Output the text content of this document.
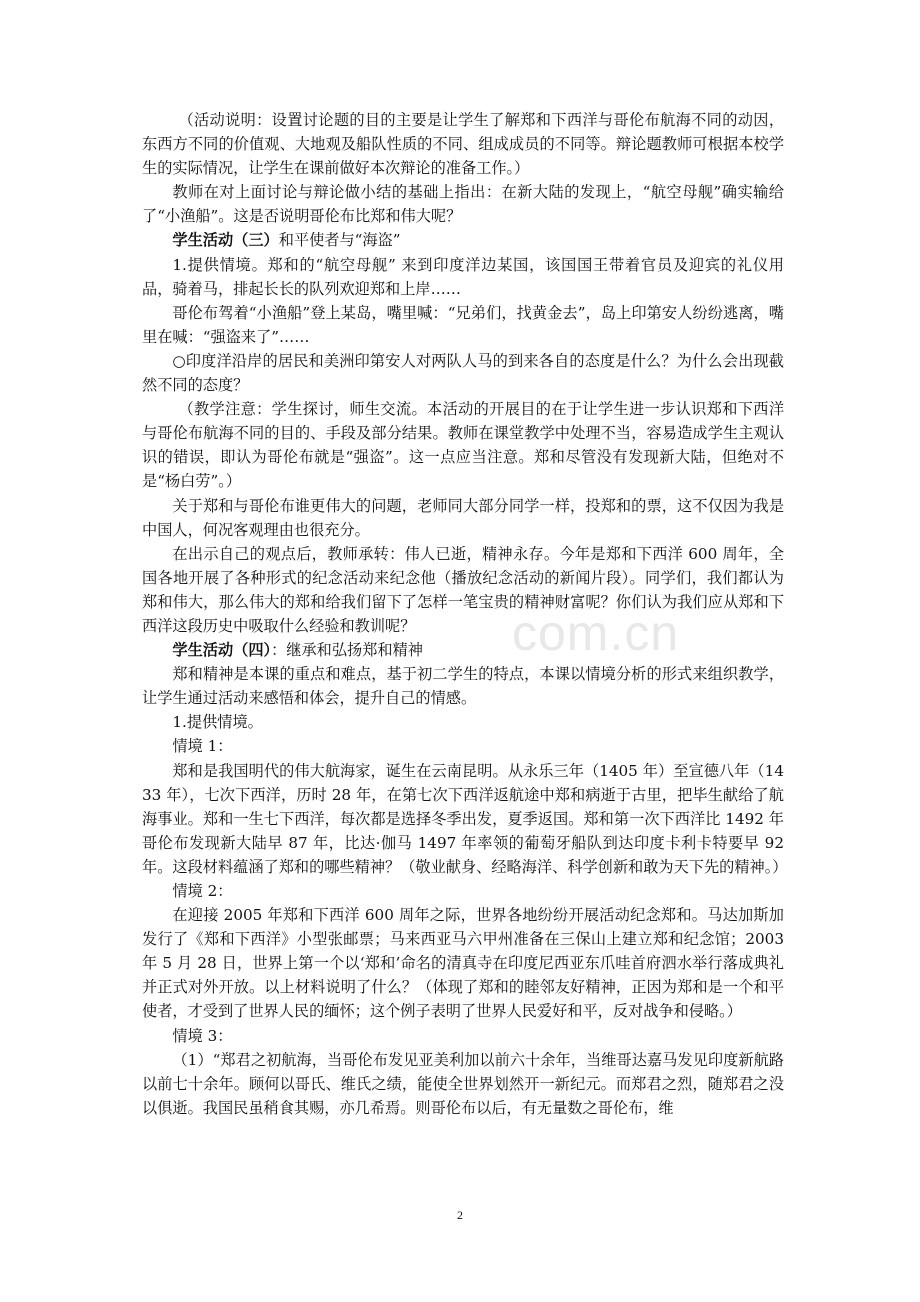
com.cn

（活动说明：设置讨论题的目的主要是让学生了解郑和下西洋与哥伦布航海不同的动因，东西方不同的价值观、大地观及船队性质的不同、组成成员的不同等。辩论题教师可根据本校学生的实际情况，让学生在课前做好本次辩论的准备工作。）

教师在对上面讨论与辩论做小结的基础上指出：在新大陆的发现上，“航空母舰”确实输给了“小渔船”。这是否说明哥伦布比郑和伟大呢？

学生活动（三）和平使者与“海盗”

1.提供情境。郑和的“航空母舰” 来到印度洋边某国，该国国王带着官员及迎宾的礼仪用品，骑着马，排起长长的队列欢迎郑和上岸……

哥伦布驾着“小渔船”登上某岛，嘴里喊：“兄弟们，找黄金去”，岛上印第安人纷纷逃离，嘴里在喊：“强盗来了”……

○印度洋沿岸的居民和美洲印第安人对两队人马的到来各自的态度是什么？为什么会出现截然不同的态度？

（教学注意：学生探讨，师生交流。本活动的开展目的在于让学生进一步认识郑和下西洋与哥伦布航海不同的目的、手段及部分结果。教师在课堂教学中处理不当，容易造成学生主观认识的错误，即认为哥伦布就是“强盗”。这一点应当注意。郑和尽管没有发现新大陆，但绝对不是“杨白劳”。）

关于郑和与哥伦布谁更伟大的问题，老师同大部分同学一样，投郑和的票，这不仅因为我是中国人，何况客观理由也很充分。

在出示自己的观点后，教师承转：伟人已逝，精神永存。今年是郑和下西洋 600 周年，全国各地开展了各种形式的纪念活动来纪念他（播放纪念活动的新闻片段）。同学们，我们都认为郑和伟大，那么伟大的郑和给我们留下了怎样一笔宝贵的精神财富呢？你们认为我们应从郑和下西洋这段历史中吸取什么经验和教训呢？

学生活动（四）：继承和弘扬郑和精神

郑和精神是本课的重点和难点，基于初二学生的特点，本课以情境分析的形式来组织教学，让学生通过活动来感悟和体会，提升自己的情感。

1.提供情境。

情境 1：

郑和是我国明代的伟大航海家，诞生在云南昆明。从永乐三年（1405 年）至宣德八年（1433 年），七次下西洋，历时 28 年，在第七次下西洋返航途中郑和病逝于古里，把毕生献给了航海事业。郑和一生七下西洋，每次都是选择冬季出发，夏季返国。郑和第一次下西洋比 1492 年哥伦布发现新大陆早 87 年，比达·伽马 1497 年率领的葡萄牙船队到达印度卡利卡特要早 92 年。这段材料蕴涵了郑和的哪些精神？（敬业献身、经略海洋、科学创新和敢为天下先的精神。）

情境 2：

在迎接 2005 年郑和下西洋 600 周年之际，世界各地纷纷开展活动纪念郑和。马达加斯加发行了《郑和下西洋》小型张邮票；马来西亚马六甲州准备在三保山上建立郑和纪念馆；2003 年 5 月 28 日，世界上第一个以‘郑和’命名的清真寺在印度尼西亚东爪哇首府泗水举行落成典礼并正式对外开放。以上材料说明了什么？（体现了郑和的睦邻友好精神，正因为郑和是一个和平使者，才受到了世界人民的缅怀；这个例子表明了世界人民爱好和平，反对战争和侵略。）

情境 3：

（1）“郑君之初航海，当哥伦布发见亚美利加以前六十余年，当维哥达嘉马发见印度新航路以前七十余年。顾何以哥氏、维氏之绩，能使全世界划然开一新纪元。而郑君之烈，随郑君之没以俱逝。我国民虽稍食其赐，亦几希焉。则哥伦布以后，有无量数之哥伦布，维

2
